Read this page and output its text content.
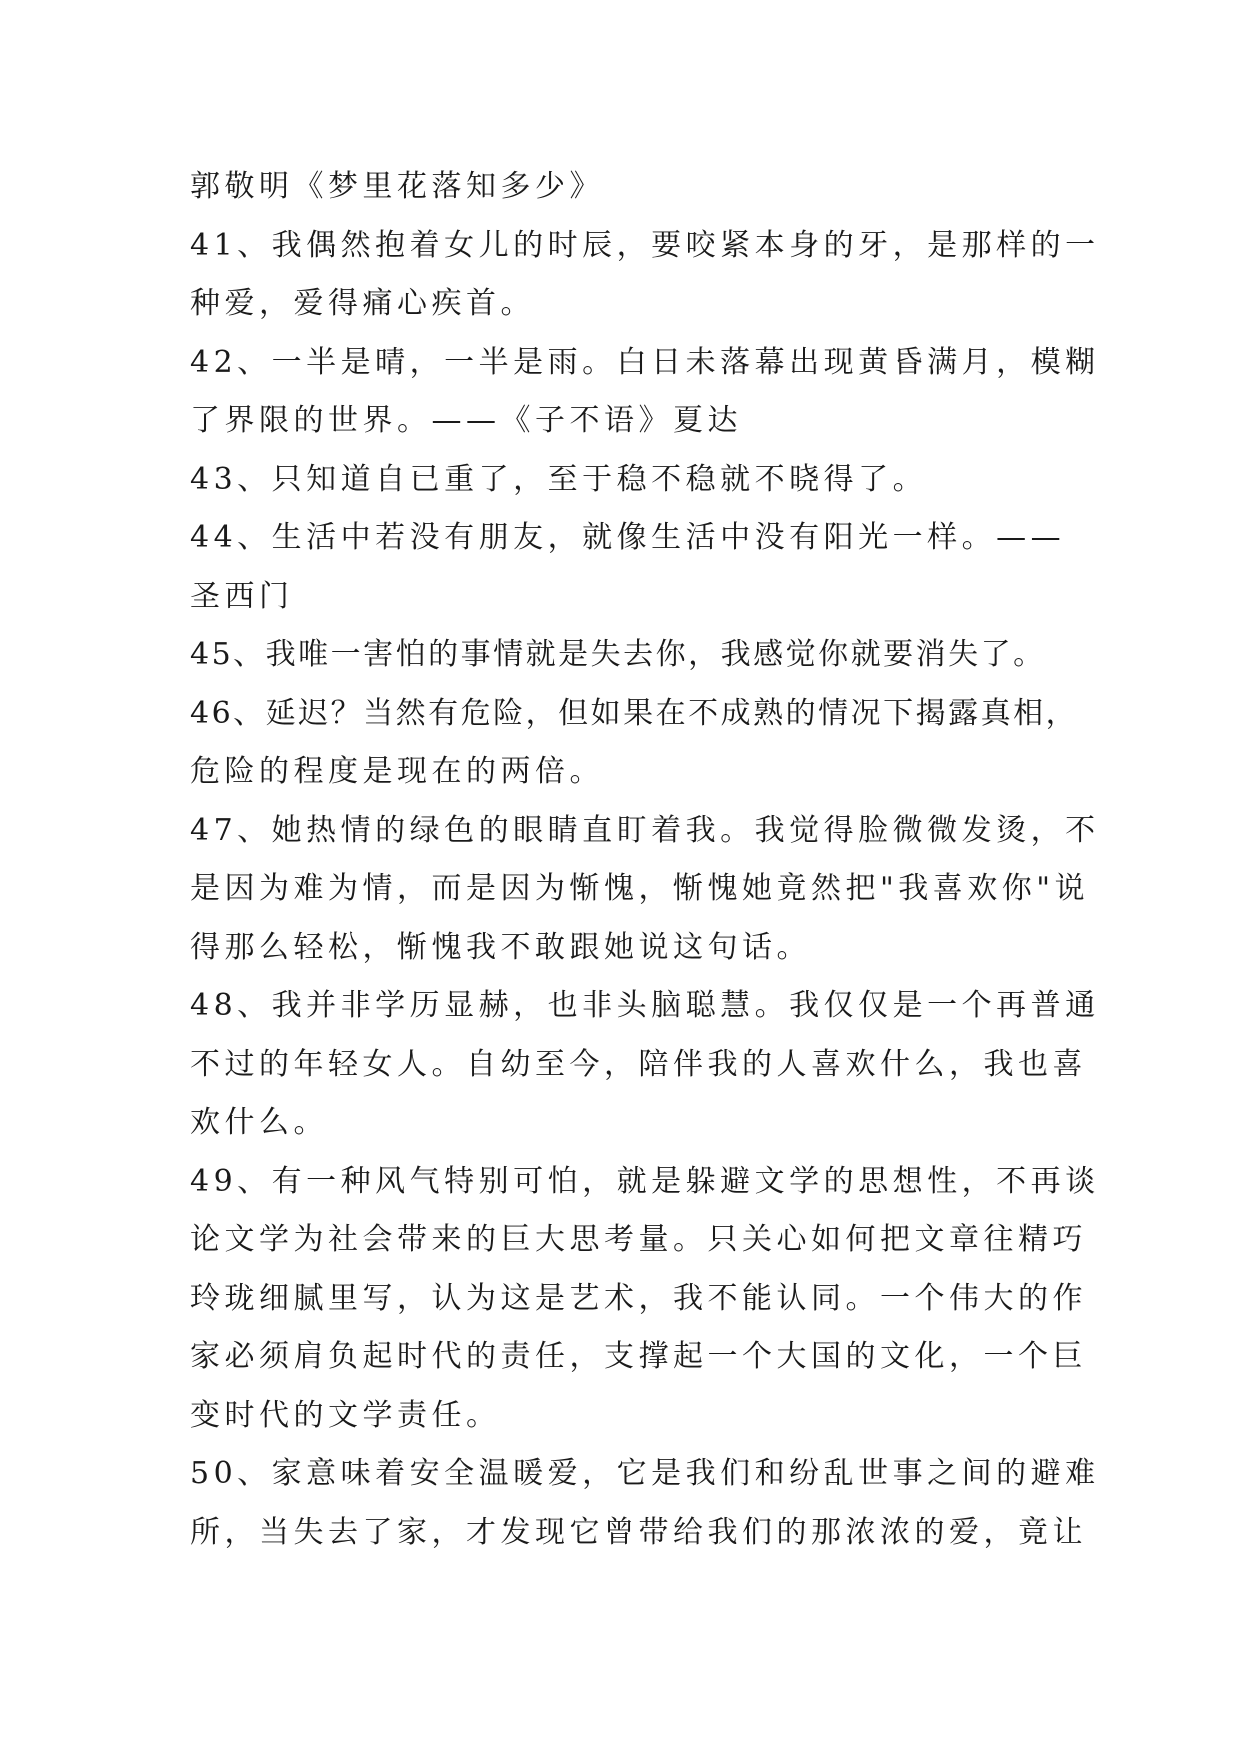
郭敬明《梦里花落知多少》
41、我偶然抱着女儿的时辰，要咬紧本身的牙，是那样的一
种爱，爱得痛心疾首。
42、一半是晴，一半是雨。白日未落幕出现黄昏满月，模糊
了界限的世界。——《子不语》夏达
43、只知道自已重了，至于稳不稳就不晓得了。
44、生活中若没有朋友，就像生活中没有阳光一样。——
圣西门
45、我唯一害怕的事情就是失去你，我感觉你就要消失了。
46、延迟？当然有危险，但如果在不成熟的情况下揭露真相，
危险的程度是现在的两倍。
47、她热情的绿色的眼睛直盯着我。我觉得脸微微发烫，不
是因为难为情，而是因为惭愧，惭愧她竟然把"我喜欢你"说
得那么轻松，惭愧我不敢跟她说这句话。
48、我并非学历显赫，也非头脑聪慧。我仅仅是一个再普通
不过的年轻女人。自幼至今，陪伴我的人喜欢什么，我也喜
欢什么。
49、有一种风气特别可怕，就是躲避文学的思想性，不再谈
论文学为社会带来的巨大思考量。只关心如何把文章往精巧
玲珑细腻里写，认为这是艺术，我不能认同。一个伟大的作
家必须肩负起时代的责任，支撑起一个大国的文化，一个巨
变时代的文学责任。
50、家意味着安全温暖爱，它是我们和纷乱世事之间的避难
所，当失去了家，才发现它曾带给我们的那浓浓的爱，竟让
